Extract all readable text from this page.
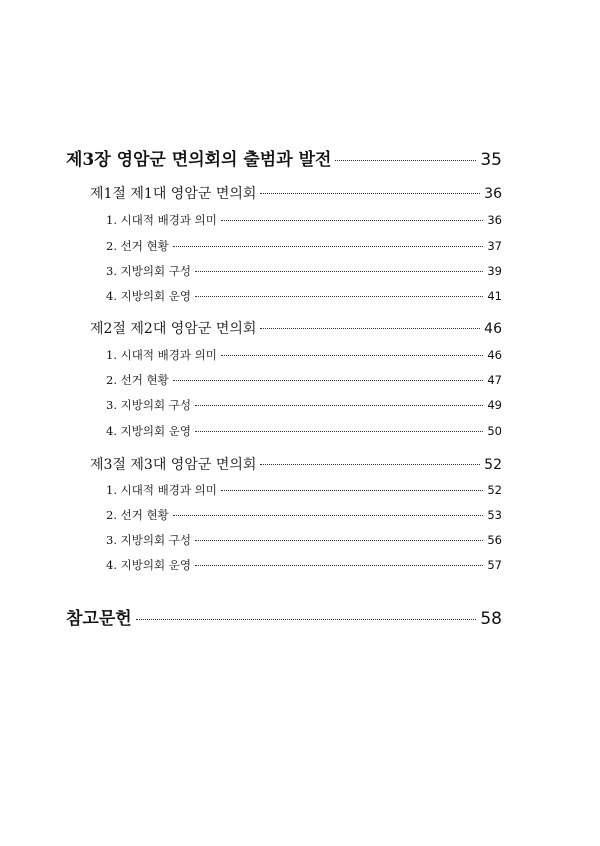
제3장 영암군 면의회의 출범과 발전	35
제1절 제1대 영암군 면의회	36
1. 시대적 배경과 의미	36
2. 선거 현황	37
3. 지방의회 구성	39
4. 지방의회 운영	41
제2절 제2대 영암군 면의회	46
1. 시대적 배경과 의미	46
2. 선거 현황	47
3. 지방의회 구성	49
4. 지방의회 운영	50
제3절 제3대 영암군 면의회	52
1. 시대적 배경과 의미	52
2. 선거 현황	53
3. 지방의회 구성	56
4. 지방의회 운영	57
참고문헌	58
